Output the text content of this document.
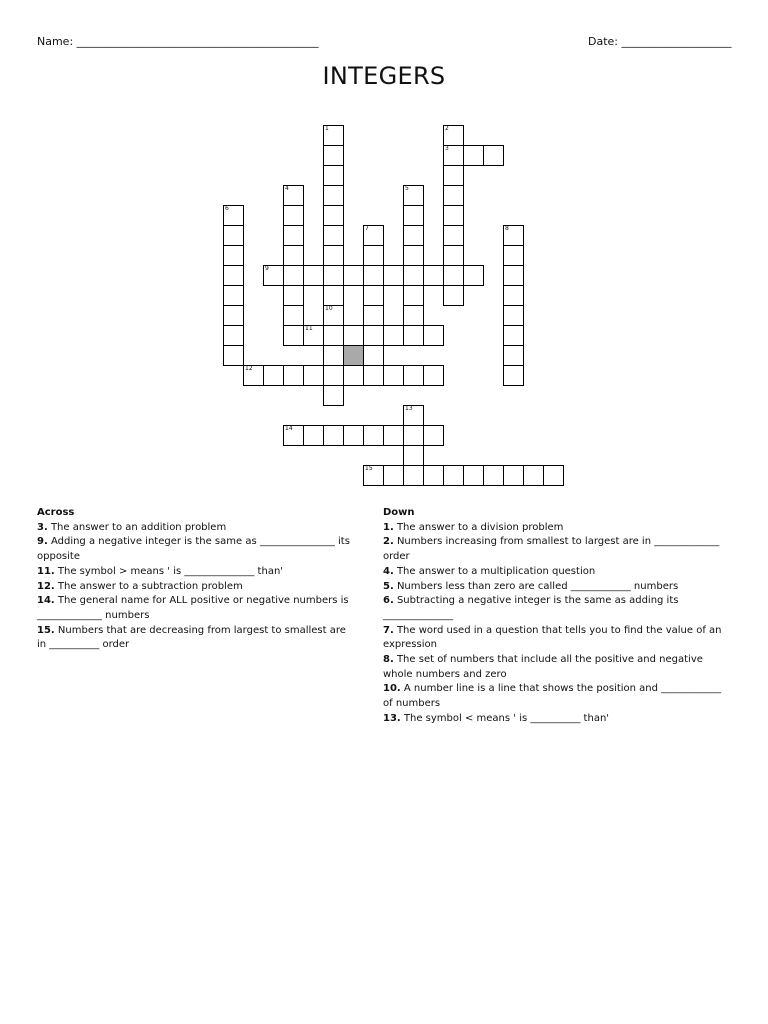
Name: ____________________________________________	Date: ____________________
INTEGERS
1	2
3
4	5
6
7	8
9
10
11
12
13
14
15
Across
3. The answer to an addition problem
9. Adding a negative integer is the same as _______________ its opposite
11. The symbol > means ' is ______________ than'
12. The answer to a subtraction problem
14. The general name for ALL positive or negative numbers is _____________ numbers
15. Numbers that are decreasing from largest to smallest are in __________ order
Down
1. The answer to a division problem
2. Numbers increasing from smallest to largest are in _____________ order
4. The answer to a multiplication question
5. Numbers less than zero are called ____________ numbers
6. Subtracting a negative integer is the same as adding its ______________
7. The word used in a question that tells you to find the value of an expression
8. The set of numbers that include all the positive and negative whole numbers and zero
10. A number line is a line that shows the position and ____________ of numbers
13. The symbol < means ' is __________ than'
